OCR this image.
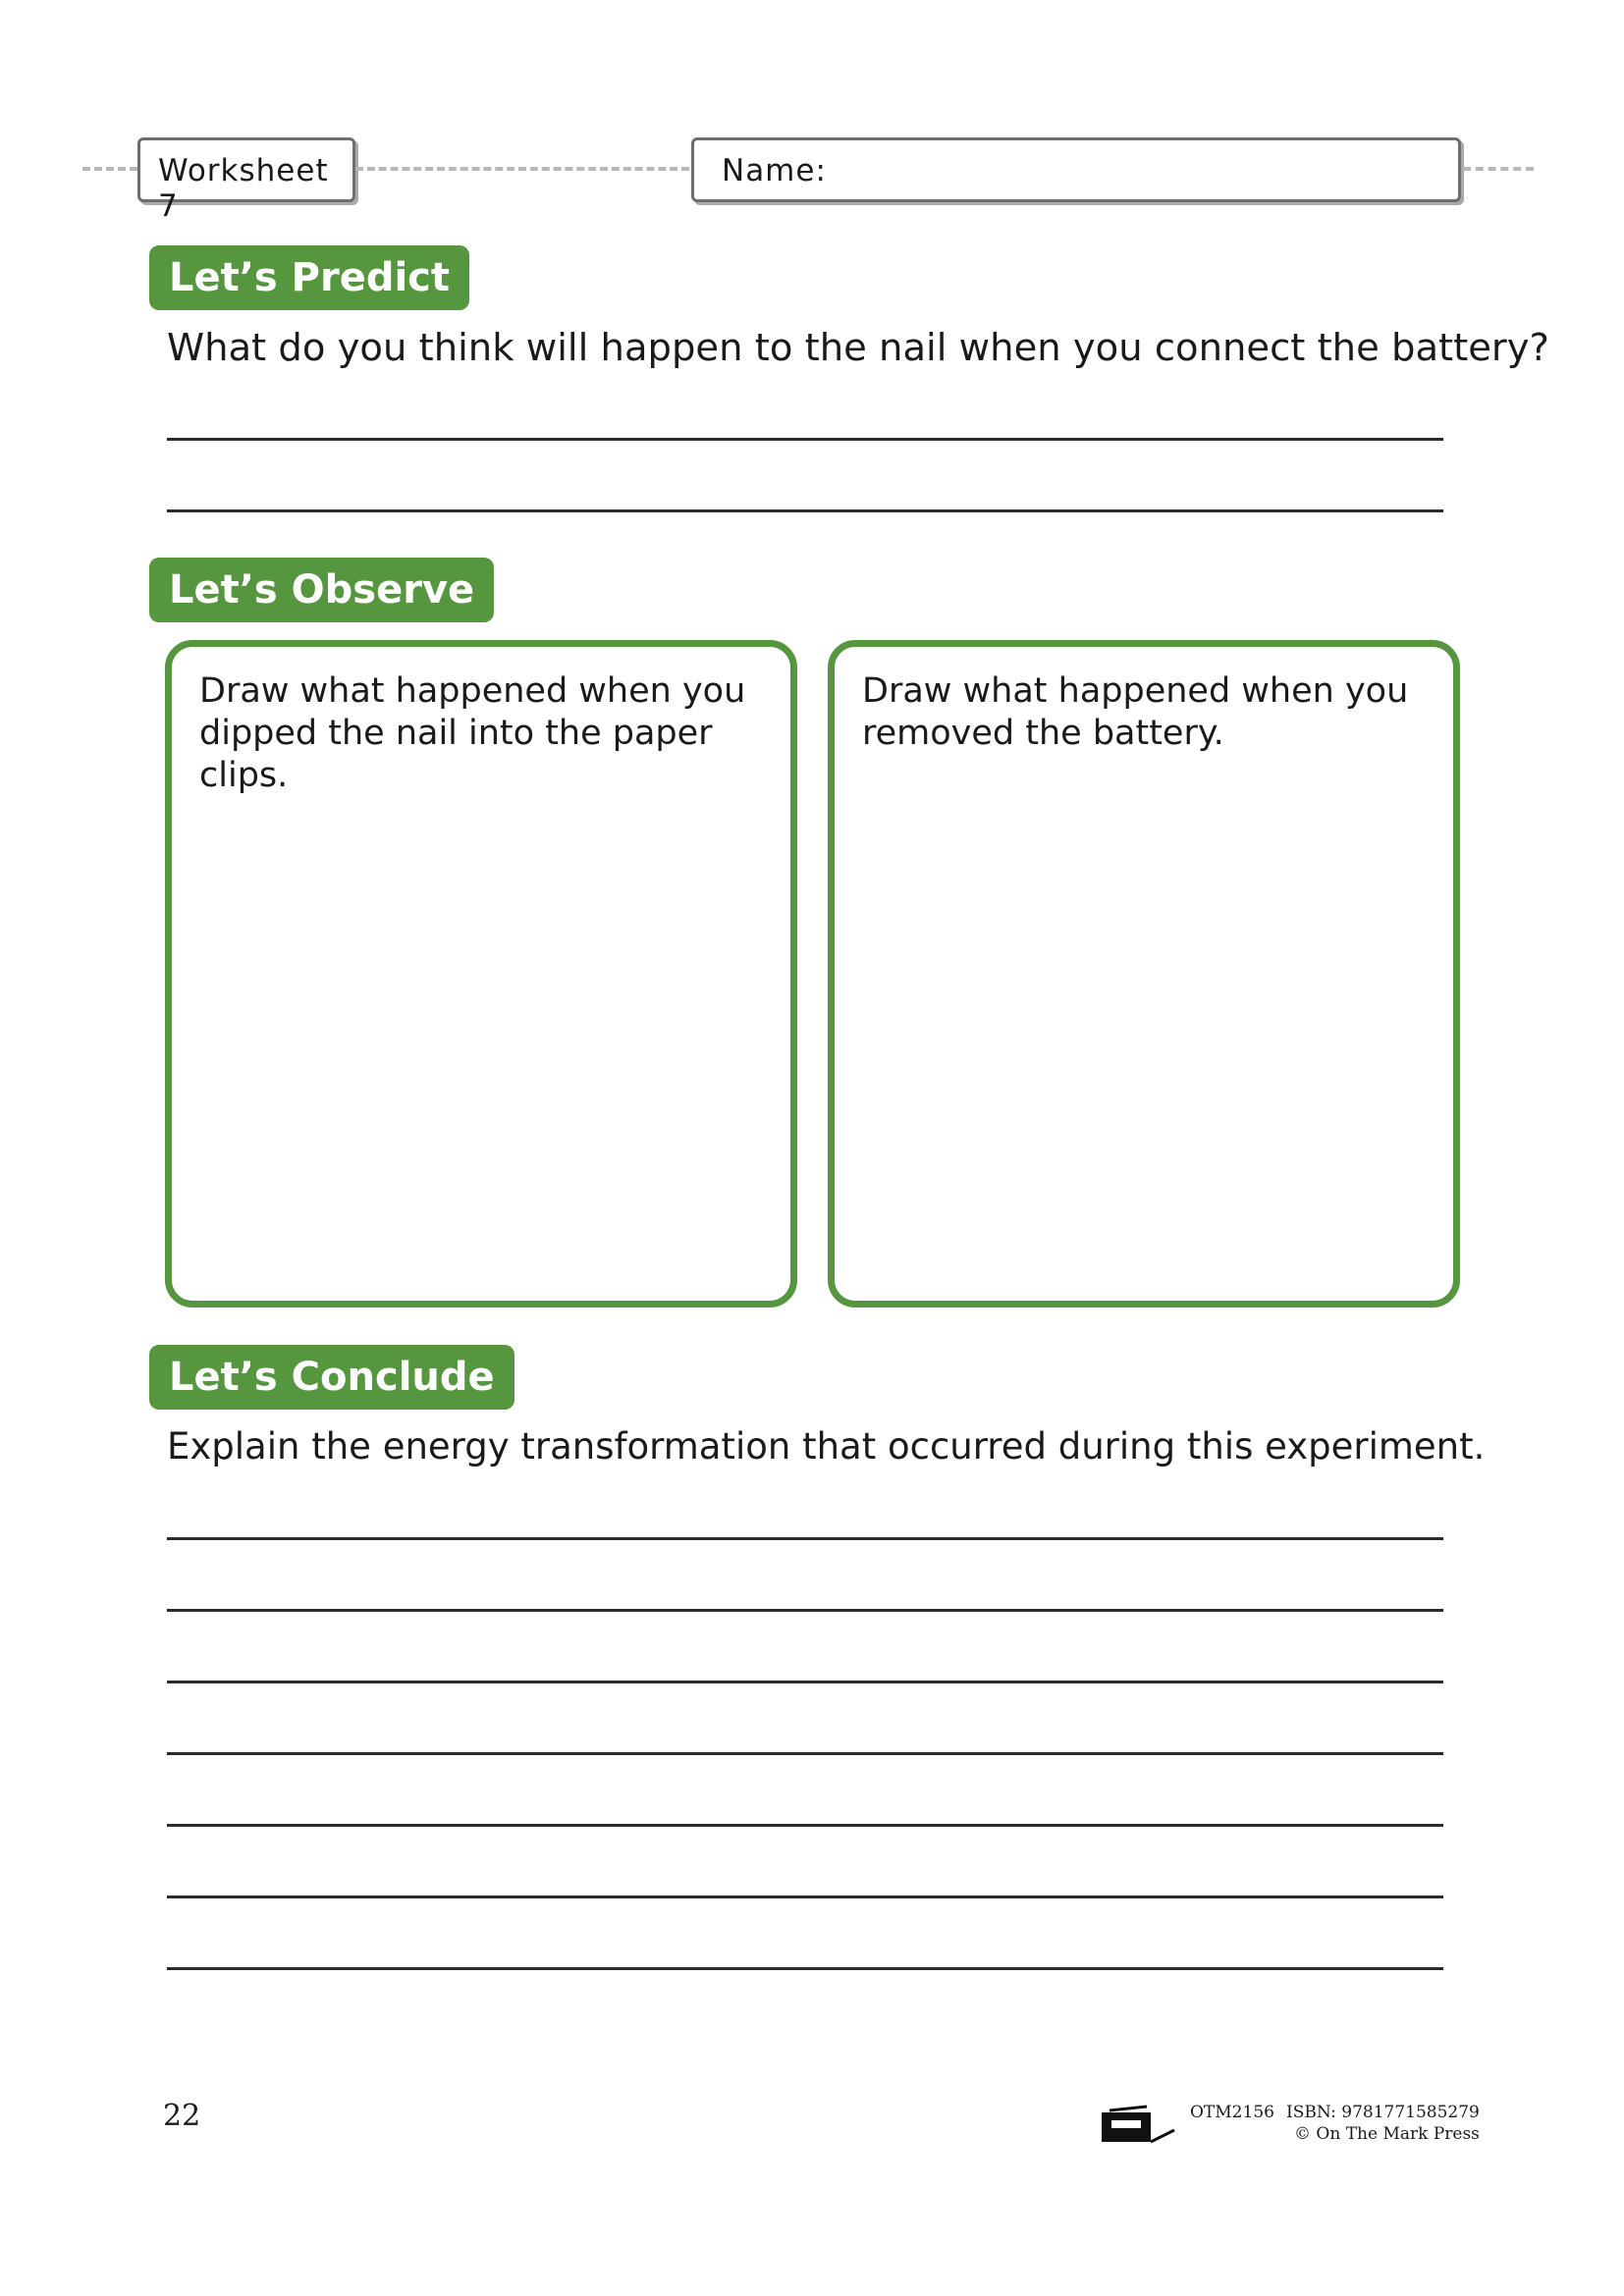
Worksheet 7
Name:
Let’s Predict
What do you think will happen to the nail when you connect the battery?
Let’s Observe
Draw what happened when you dipped the nail into the paper clips.
Draw what happened when you removed the battery.
Let’s Conclude
Explain the energy transformation that occurred during this experiment.
22	OTM2156 ISBN: 9781771585279
© On The Mark Press
